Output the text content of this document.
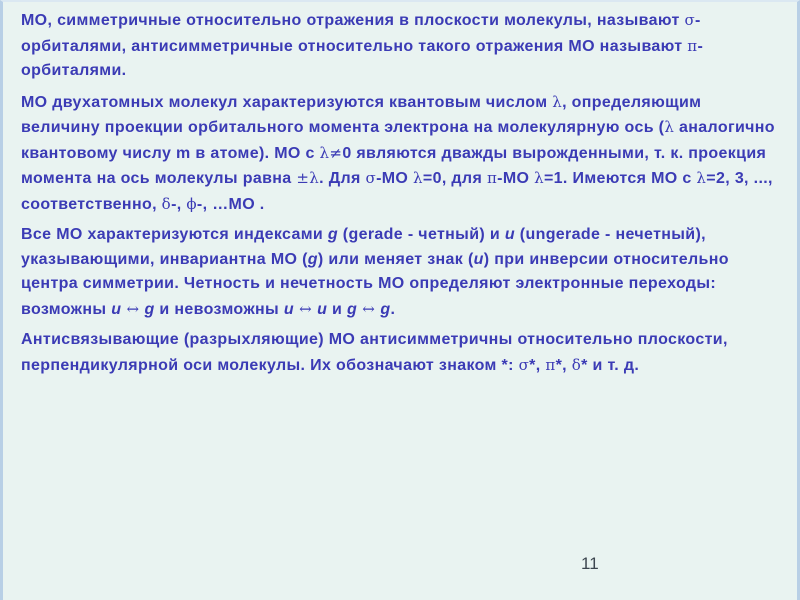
МО, симметричные относительно отражения в плоскости молекулы, называют σ-орбиталями, антисимметричные относительно такого отражения МО называют π-орбиталями.

МО двухатомных молекул характеризуются квантовым числом λ, определяющим величину проекции орбитального момента электрона на молекулярную ось (λ аналогично квантовому числу m в атоме). МО с λ≠0 являются дважды вырожденными, т. к. проекция момента на ось молекулы равна ±λ. Для σ-МО λ=0, для π-МО λ=1. Имеются МО с λ=2, 3, ..., соответственно, δ-, ϕ-, …МО .

Все МО характеризуются индексами g (gerade - четный) и u (ungerade - нечетный), указывающими, инвариантна МО (g) или меняет знак (u) при инверсии относительно центра симметрии. Четность и нечетность МО определяют электронные переходы: возможны u ↔ g и невозможны u ↔ u и g ↔ g.

Антисвязывающие (разрыхляющие) МО антисимметричны относительно плоскости, перпендикулярной оси молекулы. Их обозначают знаком *: σ*, π*, δ* и т. д.

11
